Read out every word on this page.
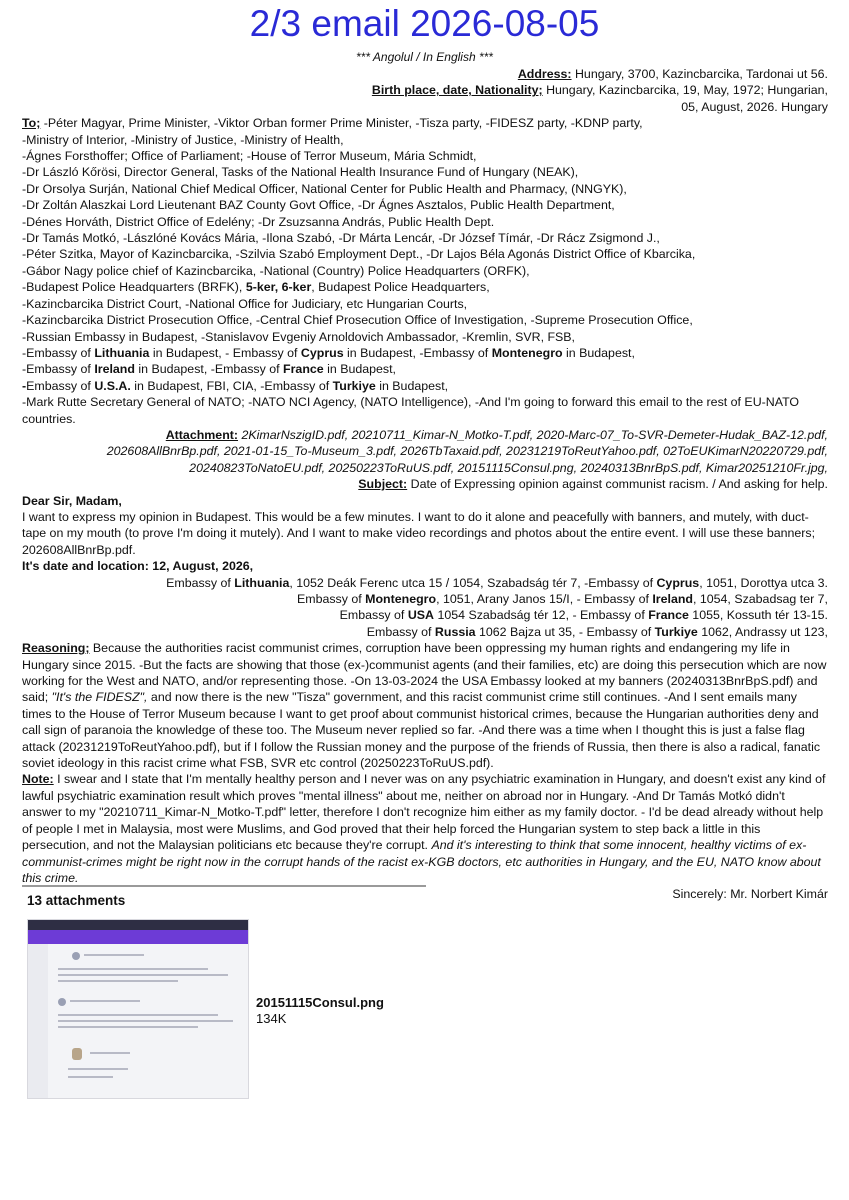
2/3 email 2026-08-05
*** Angolul / In English ***

Address: Hungary, 3700, Kazincbarcika, Tardonai ut 56.

Birth place, date, Nationality; Hungary, Kazincbarcika, 19, May, 1972; Hungarian,

05, August, 2026. Hungary

To; -Péter Magyar, Prime Minister, -Viktor Orban former Prime Minister, -Tisza party, -FIDESZ party, -KDNP party,

-Ministry of Interior, -Ministry of Justice, -Ministry of Health,

-Ágnes Forsthoffer; Office of Parliament; -House of Terror Museum, Mária Schmidt,

-Dr László Kőrösi, Director General, Tasks of the National Health Insurance Fund of Hungary (NEAK),

-Dr Orsolya Surján, National Chief Medical Officer, National Center for Public Health and Pharmacy, (NNGYK),

-Dr Zoltán Alaszkai Lord Lieutenant BAZ County Govt Office, -Dr Ágnes Asztalos, Public Health Department,

-Dénes Horváth, District Office of Edelény; -Dr Zsuzsanna András, Public Health Dept.

-Dr Tamás Motkó, -Lászlóné Kovács Mária, -Ilona Szabó, -Dr Márta Lencár, -Dr József Tímár, -Dr Rácz Zsigmond J.,

-Péter Szitka, Mayor of Kazincbarcika, -Szilvia Szabó Employment Dept., -Dr Lajos Béla Agonás District Office of Kbarcika,

-Gábor Nagy police chief of Kazincbarcika, -National (Country) Police Headquarters (ORFK),

-Budapest Police Headquarters (BRFK), 5-ker, 6-ker, Budapest Police Headquarters,

-Kazincbarcika District Court, -National Office for Judiciary, etc Hungarian Courts,

-Kazincbarcika District Prosecution Office, -Central Chief Prosecution Office of Investigation, -Supreme Prosecution Office,

-Russian Embassy in Budapest, -Stanislavov Evgeniy Arnoldovich Ambassador, -Kremlin, SVR, FSB,

-Embassy of Lithuania in Budapest, - Embassy of Cyprus in Budapest, -Embassy of Montenegro in Budapest,

-Embassy of Ireland in Budapest, -Embassy of France in Budapest,

-Embassy of U.S.A. in Budapest, FBI, CIA, -Embassy of Turkiye in Budapest,

-Mark Rutte Secretary General of NATO; -NATO NCI Agency, (NATO Intelligence), -And I'm going to forward this email to the rest of EU-NATO countries.

Attachment: 2KimarNszigID.pdf, 20210711_Kimar-N_Motko-T.pdf, 2020-Marc-07_To-SVR-Demeter-Hudak_BAZ-12.pdf,

202608AllBnrBp.pdf, 2021-01-15_To-Museum_3.pdf, 2026TbTaxaid.pdf, 20231219ToReutYahoo.pdf, 02ToEUKimarN20220729.pdf,

20240823ToNatoEU.pdf, 20250223ToRuUS.pdf, 20151115Consul.png, 20240313BnrBpS.pdf, Kimar20251210Fr.jpg,

Subject: Date of Expressing opinion against communist racism. / And asking for help.

Dear Sir, Madam,

I want to express my opinion in Budapest. This would be a few minutes. I want to do it alone and peacefully with banners, and mutely, with duct-tape on my mouth (to prove I'm doing it mutely). And I want to make video recordings and photos about the entire event. I will use these banners; 202608AllBnrBp.pdf.

It's date and location: 12, August, 2026,

Embassy of Lithuania, 1052 Deák Ferenc utca 15 / 1054, Szabadság tér 7, -Embassy of Cyprus, 1051, Dorottya utca 3.

Embassy of Montenegro, 1051, Arany Janos 15/I, - Embassy of Ireland, 1054, Szabadsag ter 7,

Embassy of USA 1054 Szabadság tér 12, - Embassy of France 1055, Kossuth tér 13-15.

Embassy of Russia 1062 Bajza ut 35, - Embassy of Turkiye 1062, Andrassy ut 123,

Reasoning; Because the authorities racist communist crimes, corruption have been oppressing my human rights and endangering my life in Hungary since 2015. -But the facts are showing that those (ex-)communist agents (and their families, etc) are doing this persecution which are now working for the West and NATO, and/or representing those. -On 13-03-2024 the USA Embassy looked at my banners (20240313BnrBpS.pdf) and said; "It's the FIDESZ", and now there is the new "Tisza" government, and this racist communist crime still continues. -And I sent emails many times to the House of Terror Museum because I want to get proof about communist historical crimes, because the Hungarian authorities deny and call sign of paranoia the knowledge of these too. The Museum never replied so far. -And there was a time when I thought this is just a false flag attack (20231219ToReutYahoo.pdf), but if I follow the Russian money and the purpose of the friends of Russia, then there is also a radical, fanatic soviet ideology in this racist crime what FSB, SVR etc control (20250223ToRuUS.pdf).

Note: I swear and I state that I'm mentally healthy person and I never was on any psychiatric examination in Hungary, and doesn't exist any kind of lawful psychiatric examination result which proves "mental illness" about me, neither on abroad nor in Hungary. -And Dr Tamás Motkó didn't answer to my "20210711_Kimar-N_Motko-T.pdf" letter, therefore I don't recognize him either as my family doctor. - I'd be dead already without help of people I met in Malaysia, most were Muslims, and God proved that their help forced the Hungarian system to step back a little in this persecution, and not the Malaysian politicians etc because they're corrupt. And it's interesting to think that some innocent, healthy victims of ex-communist-crimes might be right now in the corrupt hands of the racist ex-KGB doctors, etc authorities in Hungary, and the EU, NATO know about this crime.

Sincerely: Mr. Norbert Kimár

13 attachments
20151115Consul.png
134K
